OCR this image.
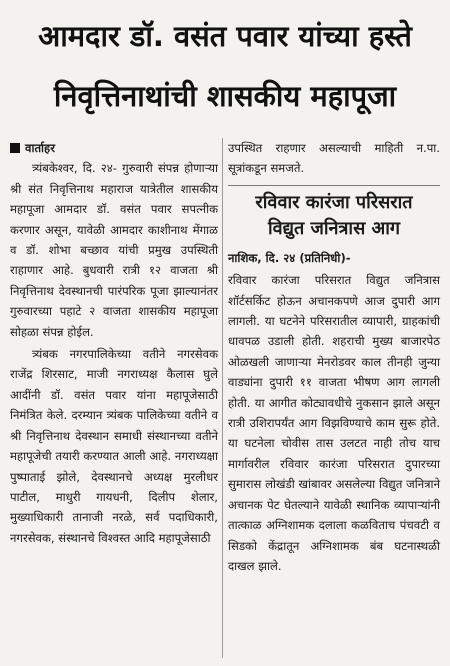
आमदार डॉ. वसंत पवार यांच्या हस्ते
निवृत्तिनाथांची शासकीय महापूजा
वार्ताहर

त्र्यंबकेश्वर, दि. २४- गुरुवारी संपन्न होणाऱ्या श्री संत निवृत्तिनाथ महाराज यात्रेतील शासकीय महापूजा आमदार डॉ. वसंत पवार सपत्नीक करणार असून, यावेळी आमदार काशीनाथ मेंगाळ व डॉ. शोभा बच्छाव यांची प्रमुख उपस्थिती राहाणार आहे. बुधवारी रात्री १२ वाजता श्री निवृत्तिनाथ देवस्थानची पारंपरिक पूजा झाल्यानंतर गुरुवारच्या पहाटे २ वाजता शासकीय महापूजा सोहळा संपन्न होईल.

त्र्यंबक नगरपालिकेच्या वतीने नगरसेवक राजेंद्र शिरसाट, माजी नगराध्यक्ष कैलास घुले आदींनी डॉ. वसंत पवार यांना महापूजेसाठी निमंत्रित केले. दरम्यान त्र्यंबक पालिकेच्या वतीने व श्री निवृत्तिनाथ देवस्थान समाधी संस्थानच्या वतीने महापूजेची तयारी करण्यात आली आहे. नगराध्यक्षा पुष्पाताई झोले, देवस्थानचे अध्यक्ष मुरलीधर पाटील, माधुरी गायधनी, दिलीप शेलार, मुख्याधिकारी तानाजी नरळे, सर्व पदाधिकारी, नगरसेवक, संस्थानचे विश्वस्त आदि महापूजेसाठी

उपस्थित राहणार असल्याची माहिती न.पा. सूत्रांकडून समजते.

रविवार कारंजा परिसरात
विद्युत जनित्रास आग

नाशिक, दि. २४ (प्रतिनिधी)-

रविवार कारंजा परिसरात विद्युत जनित्रास शॉर्टसर्किट होऊन अचानकपणे आज दुपारी आग लागली. या घटनेने परिसरातील व्यापारी, ग्राहकांची धावपळ उडाली होती. शहराची मुख्य बाजारपेठ ओळखली जाणाऱ्या मेनरोडवर काल तीनही जुन्या वाड्यांना दुपारी ११ वाजता भीषण आग लागली होती. या आगीत कोट्यावधीचे नुकसान झाले असून रात्री उशिरापर्यंत आग विझविण्याचे काम सुरू होते. या घटनेला चोवीस तास उलटत नाही तोच याच मार्गावरील रविवार कारंजा परिसरात दुपारच्या सुमारास लोखंडी खांबावर असलेल्या विद्युत जनित्राने अचानक पेट घेतल्याने यावेळी स्थानिक व्यापाऱ्यांनी तात्काळ अग्निशामक दलाला कळविताच पंचवटी व सिडको केंद्रातून अग्निशामक बंब घटनास्थळी दाखल झाले.
